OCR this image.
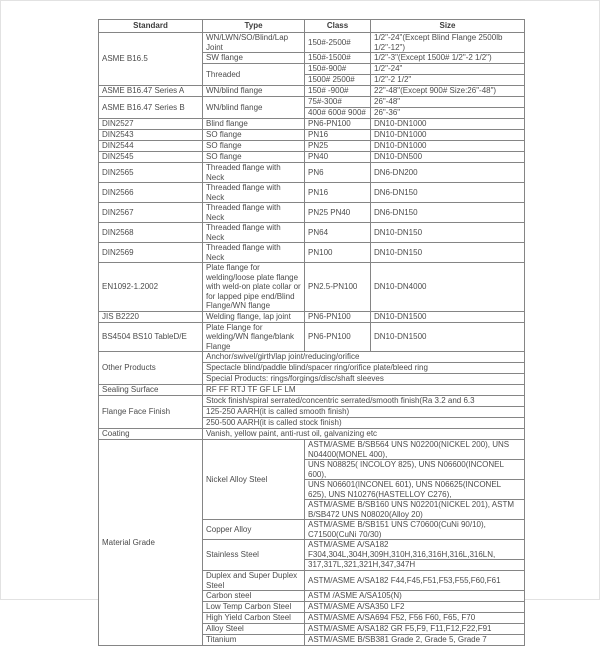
Standard	Type	Class	Size
ASME B16.5	WN/LWN/SO/Blind/Lap Joint	150#-2500#	1/2"-24"(Except Blind Flange 2500lb 1/2"-12")
	SW flange	150#-1500#	1/2"-3"(Except 1500# 1/2"-2 1/2")
	Threaded	150#-900#	1/2"-24"
		1500# 2500#	1/2"-2 1/2"
ASME B16.47 Series A	WN/blind flange	150# -900#	22"-48"(Except 900# Size:26"-48")
ASME B16.47 Series B	WN/blind flange	75#-300#	26"-48"
		400# 600# 900#	26"-36"
DIN2527	Blind flange	PN6-PN100	DN10-DN1000
DIN2543	SO flange	PN16	DN10-DN1000
DIN2544	SO flange	PN25	DN10-DN1000
DIN2545	SO flange	PN40	DN10-DN500
DIN2565	Threaded flange with Neck	PN6	DN6-DN200
DIN2566	Threaded flange with Neck	PN16	DN6-DN150
DIN2567	Threaded flange with Neck	PN25 PN40	DN6-DN150
DIN2568	Threaded flange with Neck	PN64	DN10-DN150
DIN2569	Threaded flange with Neck	PN100	DN10-DN150
EN1092-1.2002	Plate flange for welding/loose plate flange with weld-on plate collar or for lapped pipe end/Blind Flange/WN flange	PN2.5-PN100	DN10-DN4000
JIS B2220	Welding flange, lap joint	PN6-PN100	DN10-DN1500
BS4504 BS10 TableD/E	Plate Flange for welding/WN flange/blank Flange	PN6-PN100	DN10-DN1500
Other Products	Anchor/swivel/girth/lap joint/reducing/orifice		
	Spectacle blind/paddle blind/spacer ring/orifice plate/bleed ring		
	Special Products: rings/forgings/disc/shaft sleeves		
Sealing Surface	RF FF RTJ TF GF LF LM		
Flange Face Finish	Stock finish/spiral serrated/concentric serrated/smooth finish(Ra 3.2 and 6.3		
	125-250 AARH(it is called smooth finish)		
	250-500 AARH(it is called stock finish)		
Coating	Vanish, yellow paint, anti-rust oil, galvanizing etc		
Material Grade	Nickel Alloy Steel	ASTM/ASME B/SB564 UNS N02200(NICKEL 200), UNS N04400(MONEL 400),	
		UNS N08825( INCOLOY 825), UNS N06600(INCONEL 600),	
		UNS N06601(INCONEL 601), UNS N06625(INCONEL 625), UNS N10276(HASTELLOY C276),	
		ASTM/ASME B/SB160 UNS N02201(NICKEL 201), ASTM B/SB472 UNS N08020(Alloy 20)	
	Copper Alloy	ASTM/ASME B/SB151 UNS C70600(CuNi 90/10), C71500(CuNi 70/30)	
	Stainless Steel	ASTM/ASME A/SA182 F304,304L,304H,309H,310H,316,316H,316L,316LN,	
		317,317L,321,321H,347,347H	
	Duplex and Super Duplex Steel	ASTM/ASME A/SA182 F44,F45,F51,F53,F55,F60,F61	
	Carbon steel	ASTM /ASME A/SA105(N)	
	Low Temp Carbon Steel	ASTM/ASME A/SA350 LF2	
	High Yield Carbon Steel	ASTM/ASME A/SA694 F52, F56 F60, F65, F70	
	Alloy Steel	ASTM/ASME A/SA182 GR F5,F9, F11,F12,F22,F91	
	Titanium	ASTM/ASME B/SB381 Grade 2, Grade 5, Grade 7	
